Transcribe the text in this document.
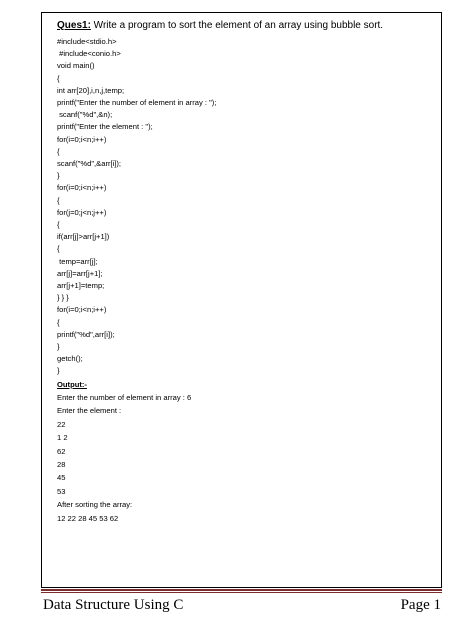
Ques1: Write a program to sort the element of an array using bubble sort.
#include<stdio.h>
#include<conio.h>
void main()
{
int arr[20],i,n,j,temp;
printf("Enter the number of element in array : ");
scanf("%d",&n);
printf("Enter the element : ");
for(i=0;i<n;i++)
{
scanf("%d",&arr[i]);
}
for(i=0;i<n;i++)
{
for(j=0;j<n;j++)
{
if(arr[j]>arr[j+1])
{
temp=arr[j];
arr[j]=arr[j+1];
arr[j+1]=temp;
} } }
for(i=0;i<n;i++)
{
printf("%d",arr[i]);
}
getch();
}
Output:-
Enter the number of element in array : 6
Enter the element :
22
1 2
62
28
45
53
After sorting the array:
12 22 28 45 53 62
Data Structure Using C	Page 1
